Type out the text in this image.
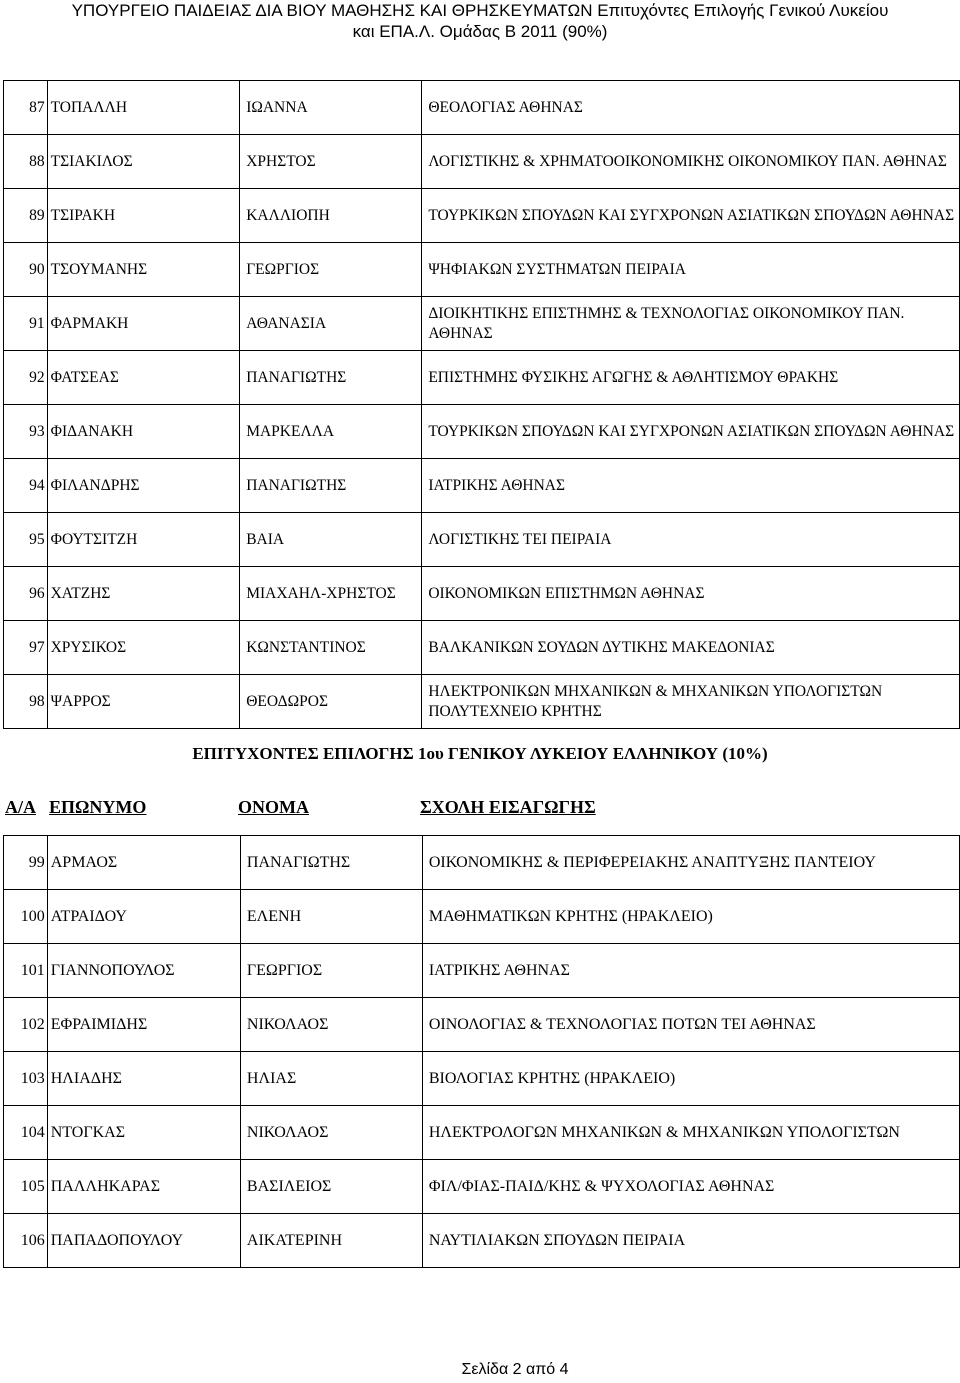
ΥΠΟΥΡΓΕΙΟ ΠΑΙΔΕΙΑΣ ΔΙΑ ΒΙΟΥ ΜΑΘΗΣΗΣ ΚΑΙ ΘΡΗΣΚΕΥΜΑΤΩΝ Επιτυχόντες Επιλογής Γενικού Λυκείου
και ΕΠΑ.Λ. Ομάδας Β 2011 (90%)
87	ΤΟΠΑΛΛΗ	ΙΩΑΝΝΑ	ΘΕΟΛΟΓΙΑΣ ΑΘΗΝΑΣ
88	ΤΣΙΑΚΙΛΟΣ	ΧΡΗΣΤΟΣ	ΛΟΓΙΣΤΙΚΗΣ & ΧΡΗΜΑΤΟΟΙΚΟΝΟΜΙΚΗΣ ΟΙΚΟΝΟΜΙΚΟΥ ΠΑΝ. ΑΘΗΝΑΣ
89	ΤΣΙΡΑΚΗ	ΚΑΛΛΙΟΠΗ	ΤΟΥΡΚΙΚΩΝ ΣΠΟΥΔΩΝ ΚΑΙ ΣΥΓΧΡΟΝΩΝ ΑΣΙΑΤΙΚΩΝ ΣΠΟΥΔΩΝ ΑΘΗΝΑΣ
90	ΤΣΟΥΜΑΝΗΣ	ΓΕΩΡΓΙΟΣ	ΨΗΦΙΑΚΩΝ ΣΥΣΤΗΜΑΤΩΝ ΠΕΙΡΑΙΑ
91	ΦΑΡΜΑΚΗ	ΑΘΑΝΑΣΙΑ	ΔΙΟΙΚΗΤΙΚΗΣ ΕΠΙΣΤΗΜΗΣ & ΤΕΧΝΟΛΟΓΙΑΣ ΟΙΚΟΝΟΜΙΚΟΥ ΠΑΝ. ΑΘΗΝΑΣ
92	ΦΑΤΣΕΑΣ	ΠΑΝΑΓΙΩΤΗΣ	ΕΠΙΣΤΗΜΗΣ ΦΥΣΙΚΗΣ ΑΓΩΓΗΣ & ΑΘΛΗΤΙΣΜΟΥ ΘΡΑΚΗΣ
93	ΦΙΔΑΝΑΚΗ	ΜΑΡΚΕΛΛΑ	ΤΟΥΡΚΙΚΩΝ ΣΠΟΥΔΩΝ ΚΑΙ ΣΥΓΧΡΟΝΩΝ ΑΣΙΑΤΙΚΩΝ ΣΠΟΥΔΩΝ ΑΘΗΝΑΣ
94	ΦΙΛΑΝΔΡΗΣ	ΠΑΝΑΓΙΩΤΗΣ	ΙΑΤΡΙΚΗΣ ΑΘΗΝΑΣ
95	ΦΟΥΤΣΙΤΖΗ	ΒΑΙΑ	ΛΟΓΙΣΤΙΚΗΣ ΤΕΙ ΠΕΙΡΑΙΑ
96	ΧΑΤΖΗΣ	ΜΙΑΧΑΗΛ-ΧΡΗΣΤΟΣ	ΟΙΚΟΝΟΜΙΚΩΝ ΕΠΙΣΤΗΜΩΝ ΑΘΗΝΑΣ
97	ΧΡΥΣΙΚΟΣ	ΚΩΝΣΤΑΝΤΙΝΟΣ	ΒΑΛΚΑΝΙΚΩΝ ΣΟΥΔΩΝ ΔΥΤΙΚΗΣ ΜΑΚΕΔΟΝΙΑΣ
98	ΨΑΡΡΟΣ	ΘΕΟΔΩΡΟΣ	ΗΛΕΚΤΡΟΝΙΚΩΝ ΜΗΧΑΝΙΚΩΝ & ΜΗΧΑΝΙΚΩΝ ΥΠΟΛΟΓΙΣΤΩΝ ΠΟΛΥΤΕΧΝΕΙΟ ΚΡΗΤΗΣ
ΕΠΙΤΥΧΟΝΤΕΣ ΕΠΙΛΟΓΗΣ 1ου ΓΕΝΙΚΟΥ ΛΥΚΕΙΟΥ ΕΛΛΗΝΙΚΟΥ (10%)
Α/Α ΕΠΩΝΥΜΟ	ΟΝΟΜΑ	ΣΧΟΛΗ ΕΙΣΑΓΩΓΗΣ
99	ΑΡΜΑΟΣ	ΠΑΝΑΓΙΩΤΗΣ	ΟΙΚΟΝΟΜΙΚΗΣ & ΠΕΡΙΦΕΡΕΙΑΚΗΣ ΑΝΑΠΤΥΞΗΣ ΠΑΝΤΕΙΟΥ
100	ΑΤΡΑΙΔΟΥ	ΕΛΕΝΗ	ΜΑΘΗΜΑΤΙΚΩΝ ΚΡΗΤΗΣ (ΗΡΑΚΛΕΙΟ)
101	ΓΙΑΝΝΟΠΟΥΛΟΣ	ΓΕΩΡΓΙΟΣ	ΙΑΤΡΙΚΗΣ ΑΘΗΝΑΣ
102	ΕΦΡΑΙΜΙΔΗΣ	ΝΙΚΟΛΑΟΣ	ΟΙΝΟΛΟΓΙΑΣ & ΤΕΧΝΟΛΟΓΙΑΣ ΠΟΤΩΝ ΤΕΙ ΑΘΗΝΑΣ
103	ΗΛΙΑΔΗΣ	ΗΛΙΑΣ	ΒΙΟΛΟΓΙΑΣ ΚΡΗΤΗΣ (ΗΡΑΚΛΕΙΟ)
104	ΝΤΟΓΚΑΣ	ΝΙΚΟΛΑΟΣ	ΗΛΕΚΤΡΟΛΟΓΩΝ ΜΗΧΑΝΙΚΩΝ & ΜΗΧΑΝΙΚΩΝ ΥΠΟΛΟΓΙΣΤΩΝ
105	ΠΑΛΛΗΚΑΡΑΣ	ΒΑΣΙΛΕΙΟΣ	ΦΙΛ/ΦΙΑΣ-ΠΑΙΔ/ΚΗΣ & ΨΥΧΟΛΟΓΙΑΣ ΑΘΗΝΑΣ
106	ΠΑΠΑΔΟΠΟΥΛΟΥ	ΑΙΚΑΤΕΡΙΝΗ	ΝΑΥΤΙΛΙΑΚΩΝ ΣΠΟΥΔΩΝ ΠΕΙΡΑΙΑ
Σελίδα 2 από 4
